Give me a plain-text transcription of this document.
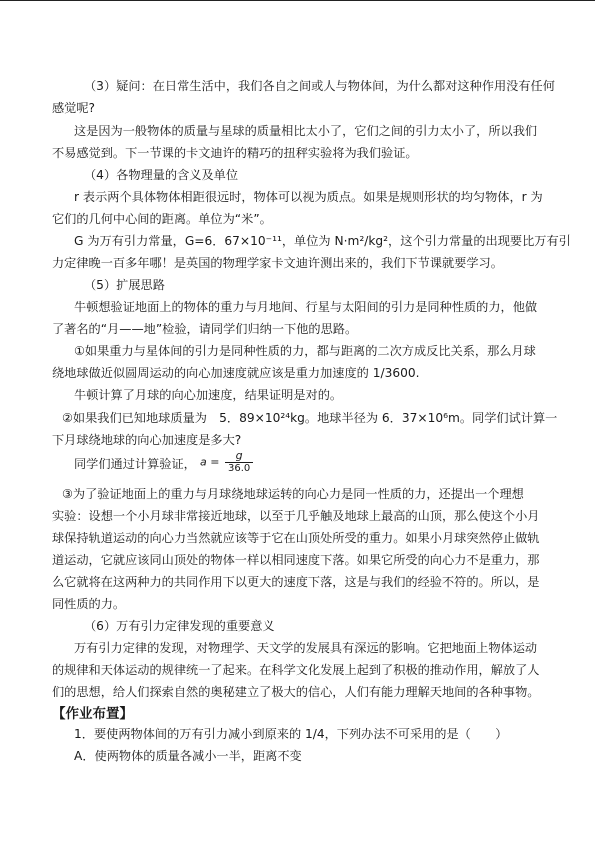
（3）疑问：在日常生活中，我们各自之间或人与物体间，为什么都对这种作用没有任何
感觉呢?
这是因为一般物体的质量与星球的质量相比太小了，它们之间的引力太小了，所以我们
不易感觉到。下一节课的卡文迪许的精巧的扭秤实验将为我们验证。
（4）各物理量的含义及单位
r 表示两个具体物体相距很远时，物体可以视为质点。如果是规则形状的均匀物体，r 为
它们的几何中心间的距离。单位为“米”。
G 为万有引力常量，G=6．67×10⁻¹¹，单位为 N·m²/kg²，这个引力常量的出现要比万有引
力定律晚一百多年哪！是英国的物理学家卡文迪许测出来的，我们下节课就要学习。
（5）扩展思路
牛顿想验证地面上的物体的重力与月地间、行星与太阳间的引力是同种性质的力，他做
了著名的“月——地”检验，请同学们归纳一下他的思路。
①如果重力与星体间的引力是同种性质的力，都与距离的二次方成反比关系，那么月球
绕地球做近似圆周运动的向心加速度就应该是重力加速度的 1/3600.
牛顿计算了月球的向心加速度，结果证明是对的。
②如果我们已知地球质量为　5．89×10²⁴kg。地球半径为 6．37×10⁶m。同学们试计算一
下月球绕地球的向心加速度是多大?
同学们通过计算验证， $a = \frac{g}{36.0}$
③为了验证地面上的重力与月球绕地球运转的向心力是同一性质的力，还提出一个理想
实验：设想一个小月球非常接近地球，以至于几乎触及地球上最高的山顶，那么使这个小月
球保持轨道运动的向心力当然就应该等于它在山顶处所受的重力。如果小月球突然停止做轨
道运动，它就应该同山顶处的物体一样以相同速度下落。如果它所受的向心力不是重力，那
么它就将在这两种力的共同作用下以更大的速度下落，这是与我们的经验不符的。所以，是
同性质的力。
（6）万有引力定律发现的重要意义
万有引力定律的发现，对物理学、天文学的发展具有深远的影响。它把地面上物体运动
的规律和天体运动的规律统一了起来。在科学文化发展上起到了积极的推动作用，解放了人
们的思想，给人们探索自然的奥秘建立了极大的信心，人们有能力理解天地间的各种事物。
【作业布置】
1．要使两物体间的万有引力减小到原来的 1/4，下列办法不可采用的是（　　）
A．使两物体的质量各减小一半，距离不变
